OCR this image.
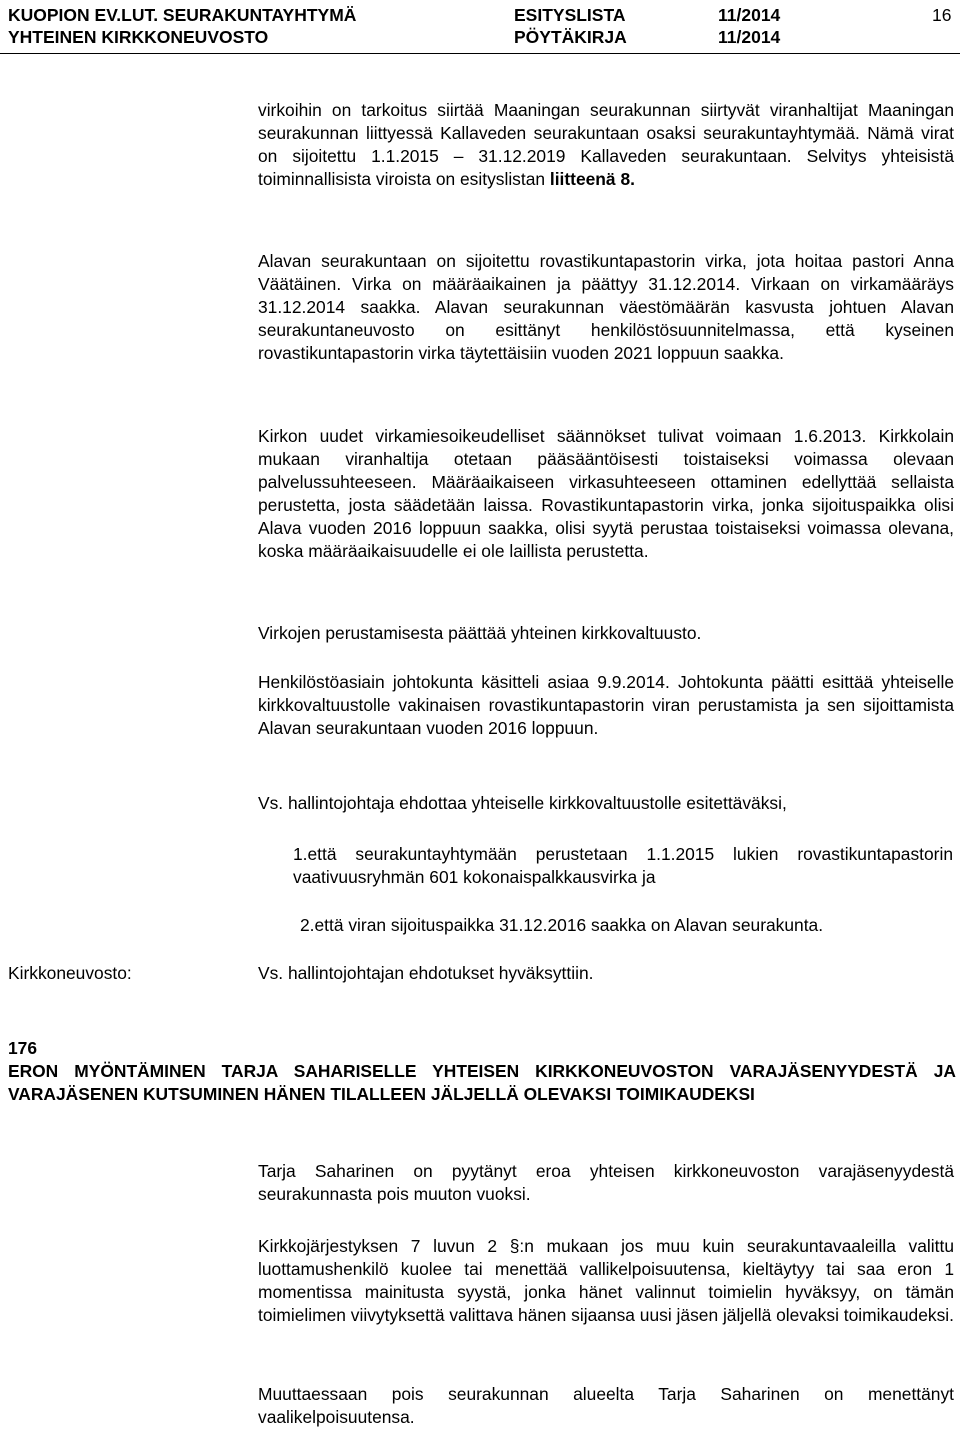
KUOPION EV.LUT. SEURAKUNTAYHTYMÄ
YHTEINEN KIRKKONEUVOSTO
ESITYSLISTA
PÖYTÄKIRJA
11/2014
11/2014
16

virkoihin on tarkoitus siirtää Maaningan seurakunnan siirtyvät viranhaltijat Maaningan seurakunnan liittyessä Kallaveden seurakuntaan osaksi seurakuntayhtymää. Nämä virat on sijoitettu 1.1.2015 – 31.12.2019 Kallaveden seurakuntaan. Selvitys yhteisistä toiminnallisista viroista on esityslistan liitteenä 8.

Alavan seurakuntaan on sijoitettu rovastikuntapastorin virka, jota hoitaa pastori Anna Väätäinen. Virka on määräaikainen ja päättyy 31.12.2014. Virkaan on virkamääräys 31.12.2014 saakka. Alavan seurakunnan väestömäärän kasvusta johtuen Alavan seurakuntaneuvosto on esittänyt henkilöstösuunnitelmassa, että kyseinen rovastikuntapastorin virka täytettäisiin vuoden 2021 loppuun saakka.

Kirkon uudet virkamiesoikeudelliset säännökset tulivat voimaan 1.6.2013. Kirkkolain mukaan viranhaltija otetaan pääsääntöisesti toistaiseksi voimassa olevaan palvelussuhteeseen. Määräaikaiseen virkasuhteeseen ottaminen edellyttää sellaista perustetta, josta säädetään laissa. Rovastikuntapastorin virka, jonka sijoituspaikka olisi Alava vuoden 2016 loppuun saakka, olisi syytä perustaa toistaiseksi voimassa olevana, koska määräaikaisuudelle ei ole laillista perustetta.

Virkojen perustamisesta päättää yhteinen kirkkovaltuusto.

Henkilöstöasiain johtokunta käsitteli asiaa 9.9.2014. Johtokunta päätti esittää yhteiselle kirkkovaltuustolle vakinaisen rovastikuntapastorin viran perustamista ja sen sijoittamista Alavan seurakuntaan vuoden 2016 loppuun.

Vs. hallintojohtaja ehdottaa yhteiselle kirkkovaltuustolle esitettäväksi,

1.että seurakuntayhtymään perustetaan 1.1.2015 lukien rovastikuntapastorin vaativuusryhmän 601 kokonaispalkkausvirka ja

2.että viran sijoituspaikka 31.12.2016 saakka on Alavan seurakunta.

Kirkkoneuvosto:	Vs. hallintojohtajan ehdotukset hyväksyttiin.
176
ERON MYÖNTÄMINEN TARJA SAHARISELLE YHTEISEN KIRKKONEUVOSTON VARAJÄSENYYDESTÄ JA VARAJÄSENEN KUTSUMINEN HÄNEN TILALLEEN JÄLJELLÄ OLEVAKSI TOIMIKAUDEKSI

Tarja Saharinen on pyytänyt eroa yhteisen kirkkoneuvoston varajäsenyydestä seurakunnasta pois muuton vuoksi.

Kirkkojärjestyksen 7 luvun 2 §:n mukaan jos muu kuin seurakuntavaaleilla valittu luottamushenkilö kuolee tai menettää vallikelpoisuutensa, kieltäytyy tai saa eron 1 momentissa mainitusta syystä, jonka hänet valinnut toimielin hyväksyy, on tämän toimielimen viivytyksettä valittava hänen sijaansa uusi jäsen jäljellä olevaksi toimikaudeksi.

Muuttaessaan pois seurakunnan alueelta Tarja Saharinen on menettänyt vaalikelpoisuutensa.
